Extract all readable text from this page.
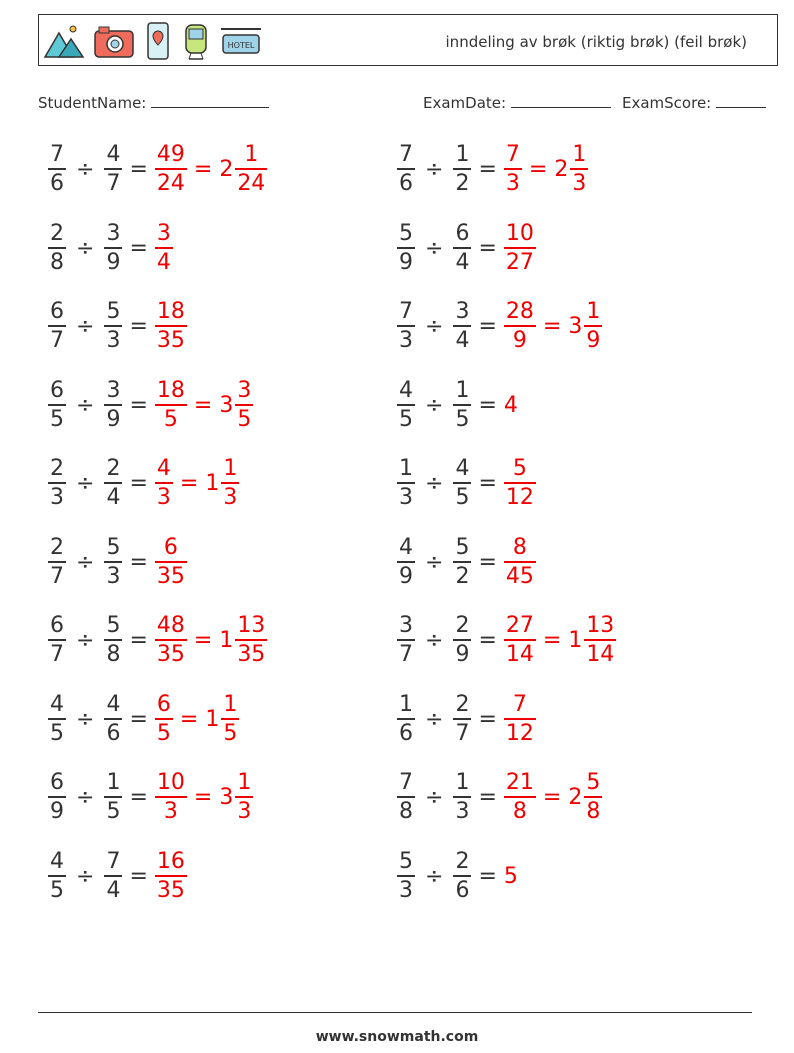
HOTEL	inndeling av brøk (riktig brøk) (feil brøk)
StudentName:	ExamDate:	ExamScore:
$\frac{7}{6} \div \frac{4}{7} = \frac{49}{24} = 2 \frac{1}{24}$	$\frac{7}{6} \div \frac{1}{2} = \frac{7}{3} = 2 \frac{1}{3}$
$\frac{2}{8} \div \frac{3}{9} = \frac{3}{4}$	$\frac{5}{9} \div \frac{6}{4} = \frac{10}{27}$
$\frac{6}{7} \div \frac{5}{3} = \frac{18}{35}$	$\frac{7}{3} \div \frac{3}{4} = \frac{28}{9} = 3 \frac{1}{9}$
$\frac{6}{5} \div \frac{3}{9} = \frac{18}{5} = 3 \frac{3}{5}$	$\frac{4}{5} \div \frac{1}{5} = 4$
$\frac{2}{3} \div \frac{2}{4} = \frac{4}{3} = 1 \frac{1}{3}$	$\frac{1}{3} \div \frac{4}{5} = \frac{5}{12}$
$\frac{2}{7} \div \frac{5}{3} = \frac{6}{35}$	$\frac{4}{9} \div \frac{5}{2} = \frac{8}{45}$
$\frac{6}{7} \div \frac{5}{8} = \frac{48}{35} = 1 \frac{13}{35}$	$\frac{3}{7} \div \frac{2}{9} = \frac{27}{14} = 1 \frac{13}{14}$
$\frac{4}{5} \div \frac{4}{6} = \frac{6}{5} = 1 \frac{1}{5}$	$\frac{1}{6} \div \frac{2}{7} = \frac{7}{12}$
$\frac{6}{9} \div \frac{1}{5} = \frac{10}{3} = 3 \frac{1}{3}$	$\frac{7}{8} \div \frac{1}{3} = \frac{21}{8} = 2 \frac{5}{8}$
$\frac{4}{5} \div \frac{7}{4} = \frac{16}{35}$	$\frac{5}{3} \div \frac{2}{6} = 5$
www.snowmath.com
